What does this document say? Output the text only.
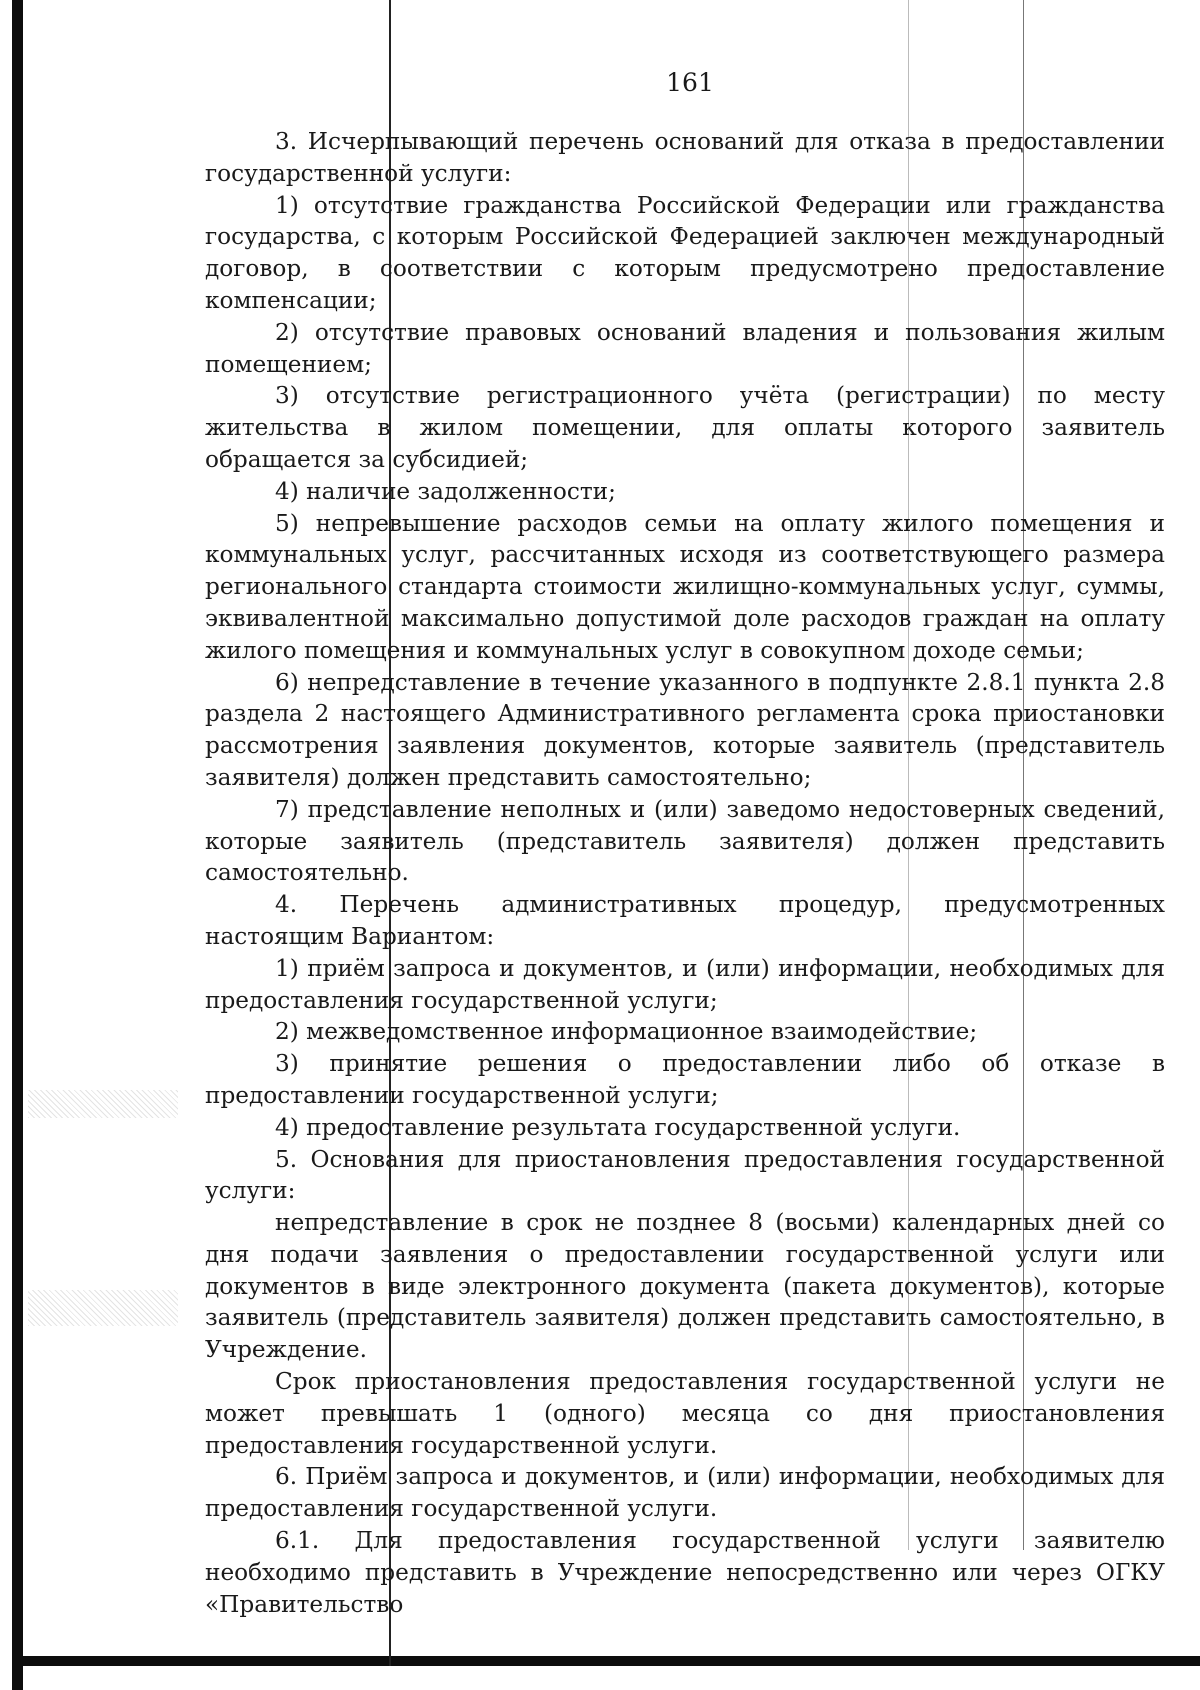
161

3. Исчерпывающий перечень оснований для отказа в предоставлении государственной услуги:

1) отсутствие гражданства Российской Федерации или гражданства государства, с которым Российской Федерацией заключен международный договор, в соответствии с которым предусмотрено предоставление компенсации;

2) отсутствие правовых оснований владения и пользования жилым помещением;

3) отсутствие регистрационного учёта (регистрации) по месту жительства в жилом помещении, для оплаты которого заявитель обращается за субсидией;

4) наличие задолженности;

5) непревышение расходов семьи на оплату жилого помещения и коммунальных услуг, рассчитанных исходя из соответствующего размера регионального стандарта стоимости жилищно-коммунальных услуг, суммы, эквивалентной максимально допустимой доле расходов граждан на оплату жилого помещения и коммунальных услуг в совокупном доходе семьи;

6) непредставление в течение указанного в подпункте 2.8.1 пункта 2.8 раздела 2 настоящего Административного регламента срока приостановки рассмотрения заявления документов, которые заявитель (представитель заявителя) должен представить самостоятельно;

7) представление неполных и (или) заведомо недостоверных сведений, которые заявитель (представитель заявителя) должен представить самостоятельно.

4. Перечень административных процедур, предусмотренных настоящим Вариантом:

1) приём запроса и документов, и (или) информации, необходимых для предоставления государственной услуги;

2) межведомственное информационное взаимодействие;

3) принятие решения о предоставлении либо об отказе в предоставлении государственной услуги;

4) предоставление результата государственной услуги.

5. Основания для приостановления предоставления государственной услуги:

непредставление в срок не позднее 8 (восьми) календарных дней со дня подачи заявления о предоставлении государственной услуги или документов в виде электронного документа (пакета документов), которые заявитель (представитель заявителя) должен представить самостоятельно, в Учреждение.

Срок приостановления предоставления государственной услуги не может превышать 1 (одного) месяца со дня приостановления предоставления государственной услуги.

6. Приём запроса и документов, и (или) информации, необходимых для предоставления государственной услуги.

6.1. Для предоставления государственной услуги заявителю необходимо представить в Учреждение непосредственно или через ОГКУ «Правительство
